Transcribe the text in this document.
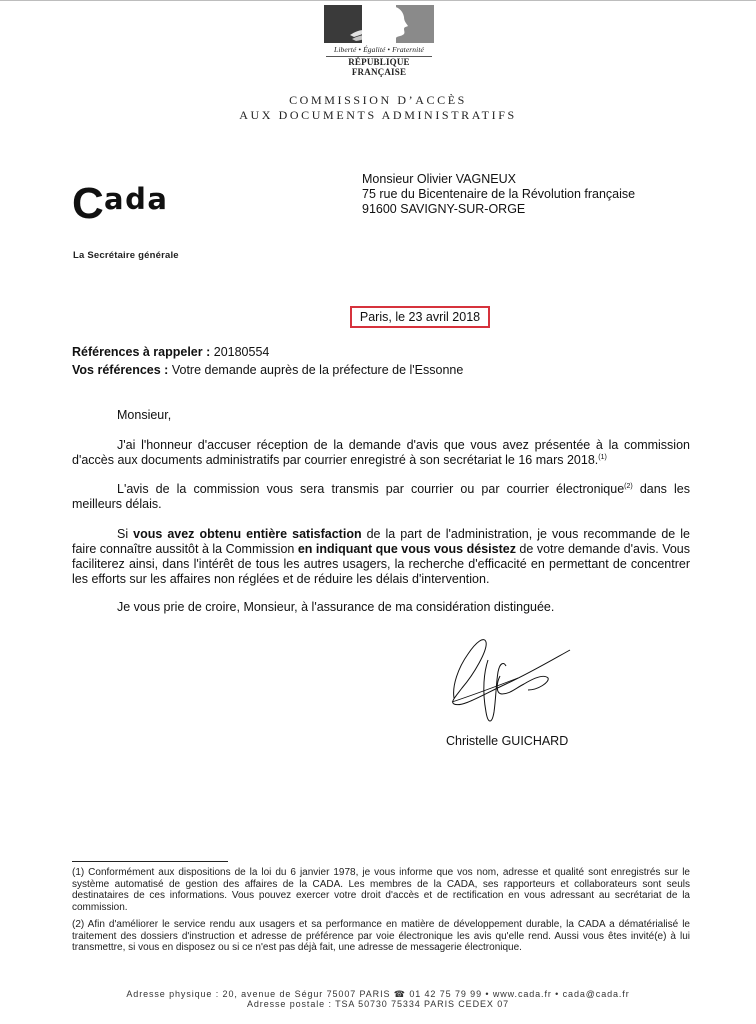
Liberté • Égalité • Fraternité
RÉPUBLIQUE FRANÇAISE
COMMISSION D’ACCÈS
AUX DOCUMENTS ADMINISTRATIFS
C ada
La Secrétaire générale
Monsieur Olivier VAGNEUX
75 rue du Bicentenaire de la Révolution française
91600 SAVIGNY-SUR-ORGE
Paris, le 23 avril 2018
Références à rappeler : 20180554
Vos références : Votre demande auprès de la préfecture de l'Essonne
Monsieur,
J'ai l'honneur d'accuser réception de la demande d'avis que vous avez présentée à la commission d'accès aux documents administratifs par courrier enregistré à son secrétariat le 16 mars 2018.$^{(1)}$
L'avis de la commission vous sera transmis par courrier ou par courrier électronique$^{(2)}$ dans les meilleurs délais.
Si vous avez obtenu entière satisfaction de la part de l'administration, je vous recommande de le faire connaître aussitôt à la Commission en indiquant que vous vous désistez de votre demande d'avis. Vous faciliterez ainsi, dans l'intérêt de tous les autres usagers, la recherche d'efficacité en permettant de concentrer les efforts sur les affaires non réglées et de réduire les délais d'intervention.
Je vous prie de croire, Monsieur, à l'assurance de ma considération distinguée.
Christelle GUICHARD
(1) Conformément aux dispositions de la loi du 6 janvier 1978, je vous informe que vos nom, adresse et qualité sont enregistrés sur le système automatisé de gestion des affaires de la CADA. Les membres de la CADA, ses rapporteurs et collaborateurs sont seuls destinataires de ces informations. Vous pouvez exercer votre droit d'accès et de rectification en vous adressant au secrétariat de la commission.
(2) Afin d'améliorer le service rendu aux usagers et sa performance en matière de développement durable, la CADA a dématérialisé le traitement des dossiers d'instruction et adresse de préférence par voie électronique les avis qu'elle rend. Aussi vous êtes invité(e) à lui transmettre, si vous en disposez ou si ce n'est pas déjà fait, une adresse de messagerie électronique.
Adresse physique : 20, avenue de Ségur 75007 PARIS ☎ 01 42 75 79 99 • www.cada.fr • cada@cada.fr
Adresse postale : TSA 50730 75334 PARIS CEDEX 07
